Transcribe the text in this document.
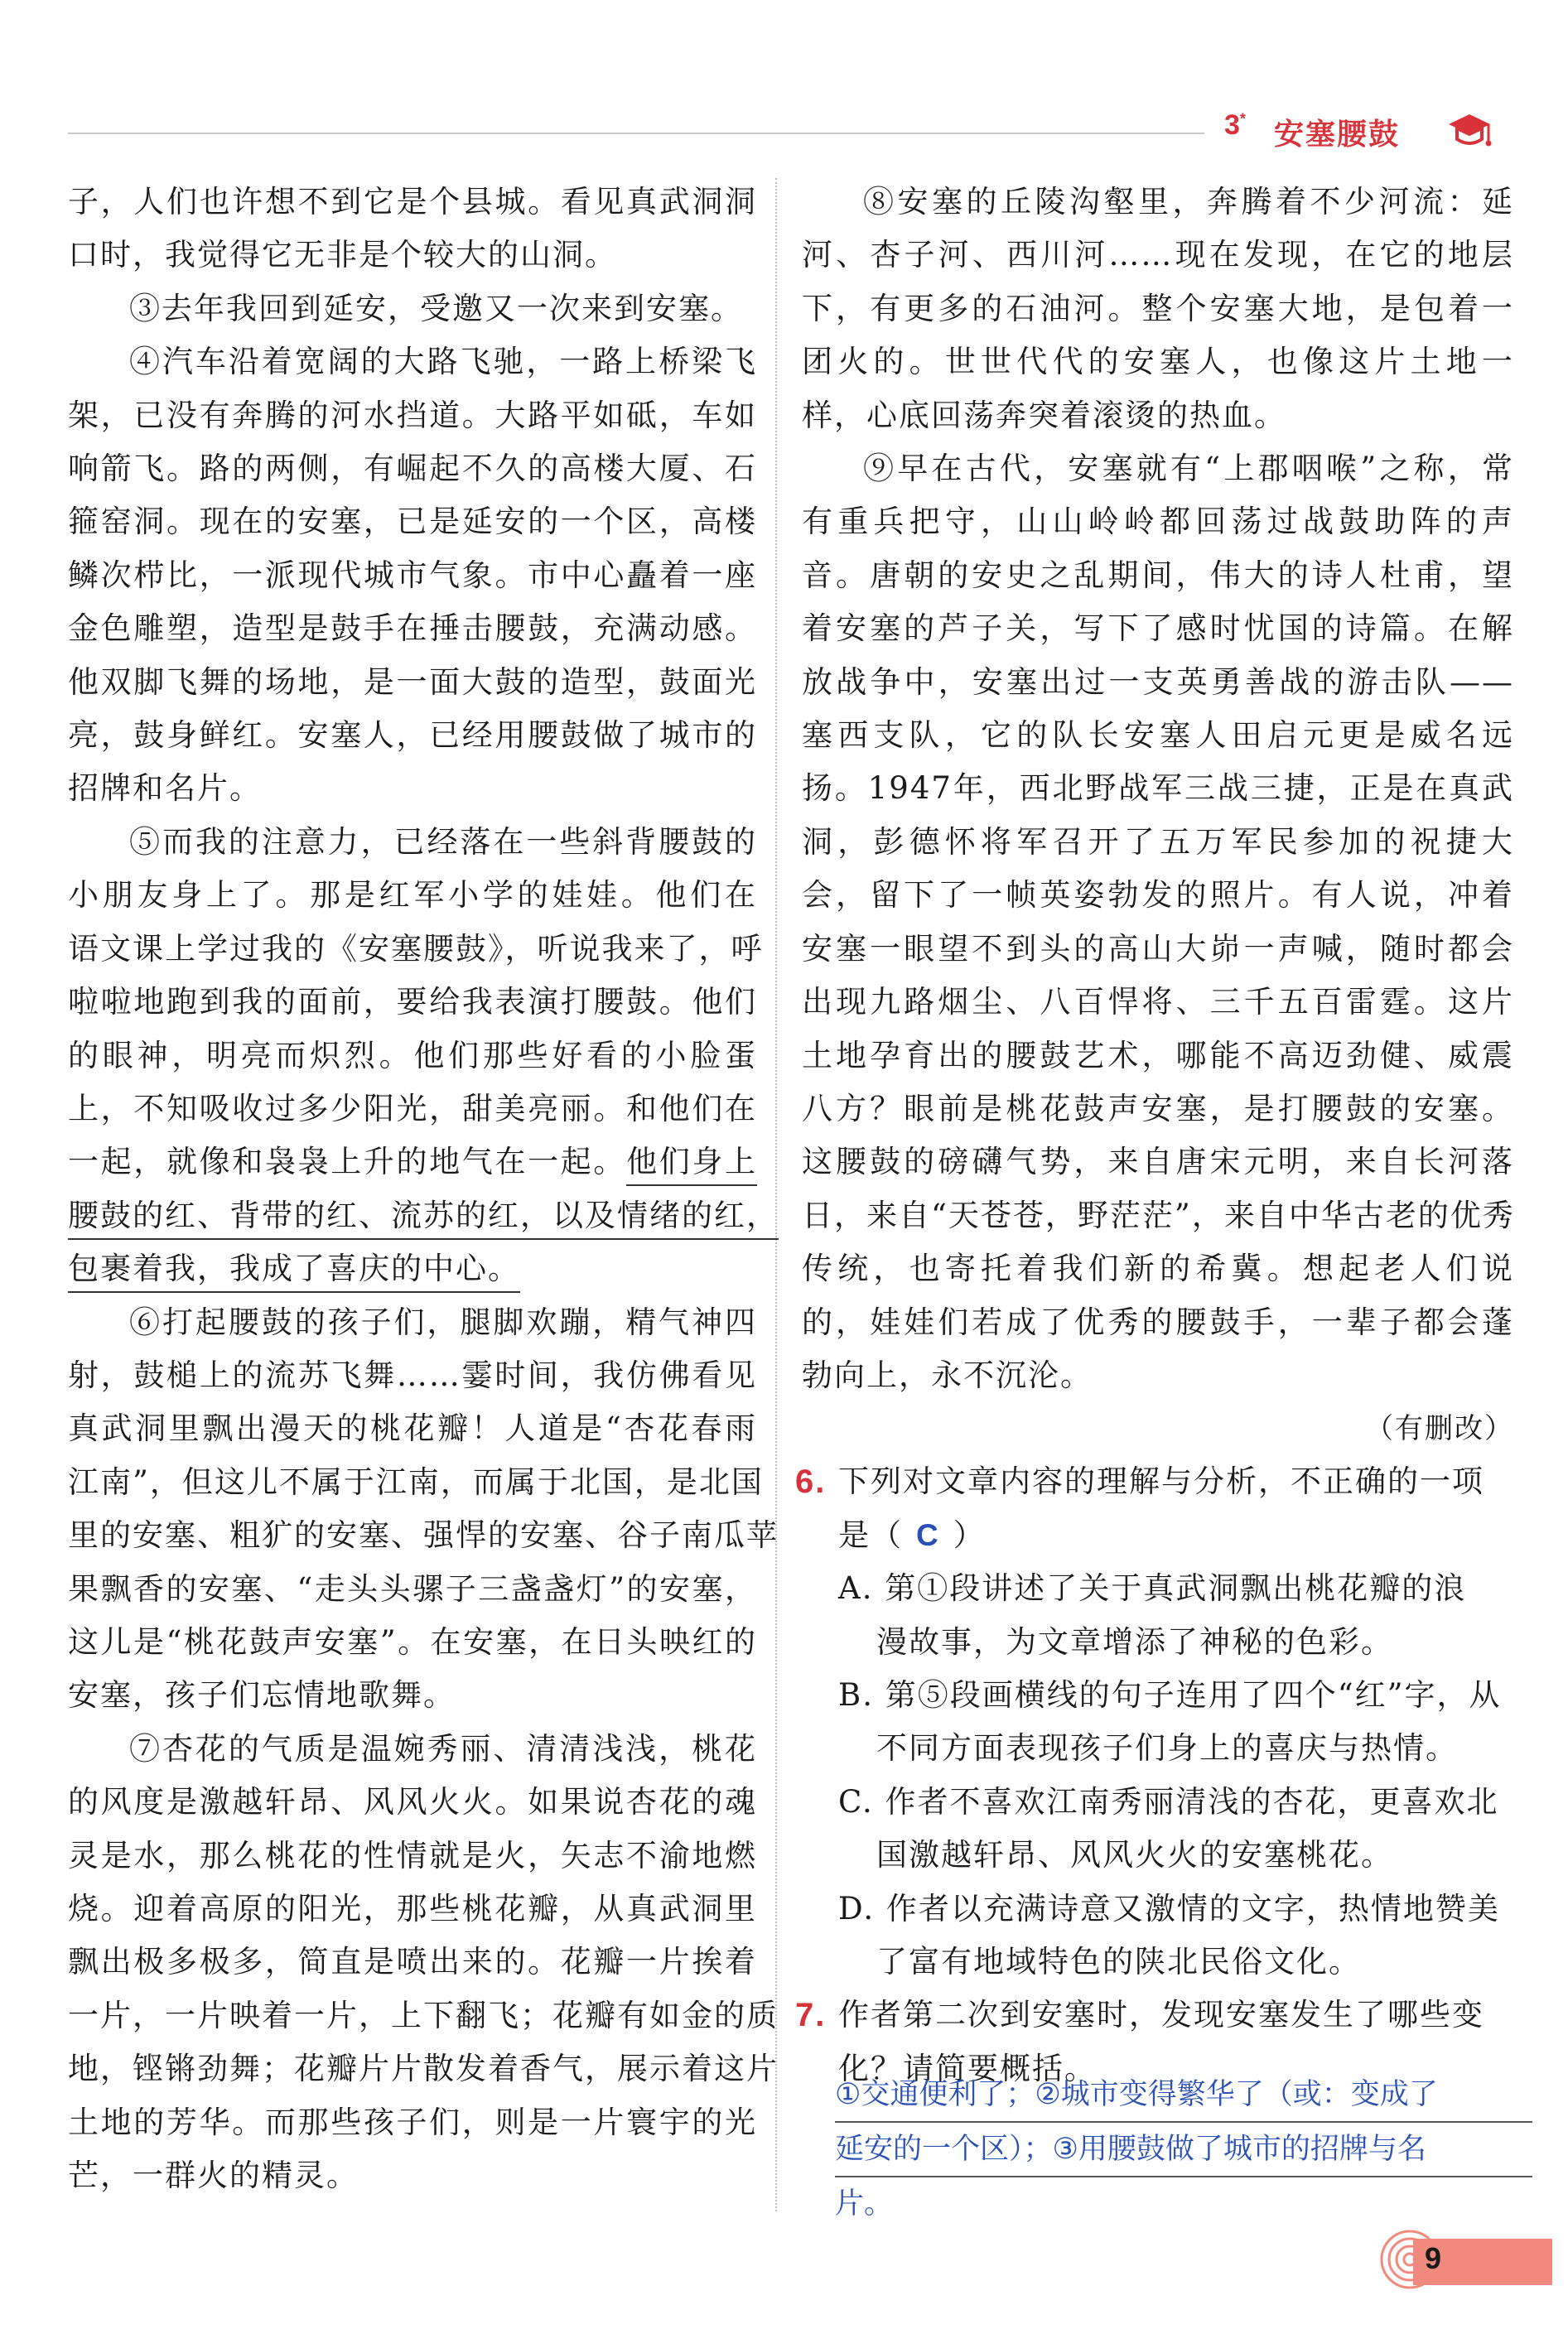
3* 安塞腰鼓
子，人们也许想不到它是个县城。看见真武洞洞
口时，我觉得它无非是个较大的山洞。
③去年我回到延安，受邀又一次来到安塞。
④汽车沿着宽阔的大路飞驰，一路上桥梁飞
架，已没有奔腾的河水挡道。大路平如砥，车如
响箭飞。路的两侧，有崛起不久的高楼大厦、石
箍窑洞。现在的安塞，已是延安的一个区，高楼
鳞次栉比，一派现代城市气象。市中心矗着一座
金色雕塑，造型是鼓手在捶击腰鼓，充满动感。
他双脚飞舞的场地，是一面大鼓的造型，鼓面光
亮，鼓身鲜红。安塞人，已经用腰鼓做了城市的
招牌和名片。
⑤而我的注意力，已经落在一些斜背腰鼓的
小朋友身上了。那是红军小学的娃娃。他们在
语文课上学过我的《安塞腰鼓》，听说我来了，呼
啦啦地跑到我的面前，要给我表演打腰鼓。他们
的眼神，明亮而炽烈。他们那些好看的小脸蛋
上，不知吸收过多少阳光，甜美亮丽。和他们在
一起，就像和袅袅上升的地气在一起。他们身上
腰鼓的红、背带的红、流苏的红，以及情绪的红，
包裹着我，我成了喜庆的中心。
⑥打起腰鼓的孩子们，腿脚欢蹦，精气神四
射，鼓槌上的流苏飞舞……霎时间，我仿佛看见
真武洞里飘出漫天的桃花瓣！人道是“杏花春雨
江南”，但这儿不属于江南，而属于北国，是北国
里的安塞、粗犷的安塞、强悍的安塞、谷子南瓜苹
果飘香的安塞、“走头头骡子三盏盏灯”的安塞，
这儿是“桃花鼓声安塞”。在安塞，在日头映红的
安塞，孩子们忘情地歌舞。
⑦杏花的气质是温婉秀丽、清清浅浅，桃花
的风度是激越轩昂、风风火火。如果说杏花的魂
灵是水，那么桃花的性情就是火，矢志不渝地燃
烧。迎着高原的阳光，那些桃花瓣，从真武洞里
飘出极多极多，简直是喷出来的。花瓣一片挨着
一片，一片映着一片，上下翻飞；花瓣有如金的质
地，铿锵劲舞；花瓣片片散发着香气，展示着这片
土地的芳华。而那些孩子们，则是一片寰宇的光
芒，一群火的精灵。
⑧安塞的丘陵沟壑里，奔腾着不少河流：延
河、杏子河、西川河……现在发现，在它的地层
下，有更多的石油河。整个安塞大地，是包着一
团火的。世世代代的安塞人，也像这片土地一
样，心底回荡奔突着滚烫的热血。
⑨早在古代，安塞就有“上郡咽喉”之称，常
有重兵把守，山山岭岭都回荡过战鼓助阵的声
音。唐朝的安史之乱期间，伟大的诗人杜甫，望
着安塞的芦子关，写下了感时忧国的诗篇。在解
放战争中，安塞出过一支英勇善战的游击队——
塞西支队，它的队长安塞人田启元更是威名远
扬。1947年，西北野战军三战三捷，正是在真武
洞，彭德怀将军召开了五万军民参加的祝捷大
会，留下了一帧英姿勃发的照片。有人说，冲着
安塞一眼望不到头的高山大峁一声喊，随时都会
出现九路烟尘、八百悍将、三千五百雷霆。这片
土地孕育出的腰鼓艺术，哪能不高迈劲健、威震
八方？眼前是桃花鼓声安塞，是打腰鼓的安塞。
这腰鼓的磅礴气势，来自唐宋元明，来自长河落
日，来自“天苍苍，野茫茫”，来自中华古老的优秀
传统，也寄托着我们新的希冀。想起老人们说
的，娃娃们若成了优秀的腰鼓手，一辈子都会蓬
勃向上，永不沉沦。

（有删改）

6. 下列对文章内容的理解与分析，不正确的一项
是（ C ）
A. 第①段讲述了关于真武洞飘出桃花瓣的浪
漫故事，为文章增添了神秘的色彩。
B. 第⑤段画横线的句子连用了四个“红”字，从
不同方面表现孩子们身上的喜庆与热情。
C. 作者不喜欢江南秀丽清浅的杏花，更喜欢北
国激越轩昂、风风火火的安塞桃花。
D. 作者以充满诗意又激情的文字，热情地赞美
了富有地域特色的陕北民俗文化。
7. 作者第二次到安塞时，发现安塞发生了哪些变
化？请简要概括。
①交通便利了；②城市变得繁华了（或：变成了
延安的一个区）；③用腰鼓做了城市的招牌与名
片。
9
